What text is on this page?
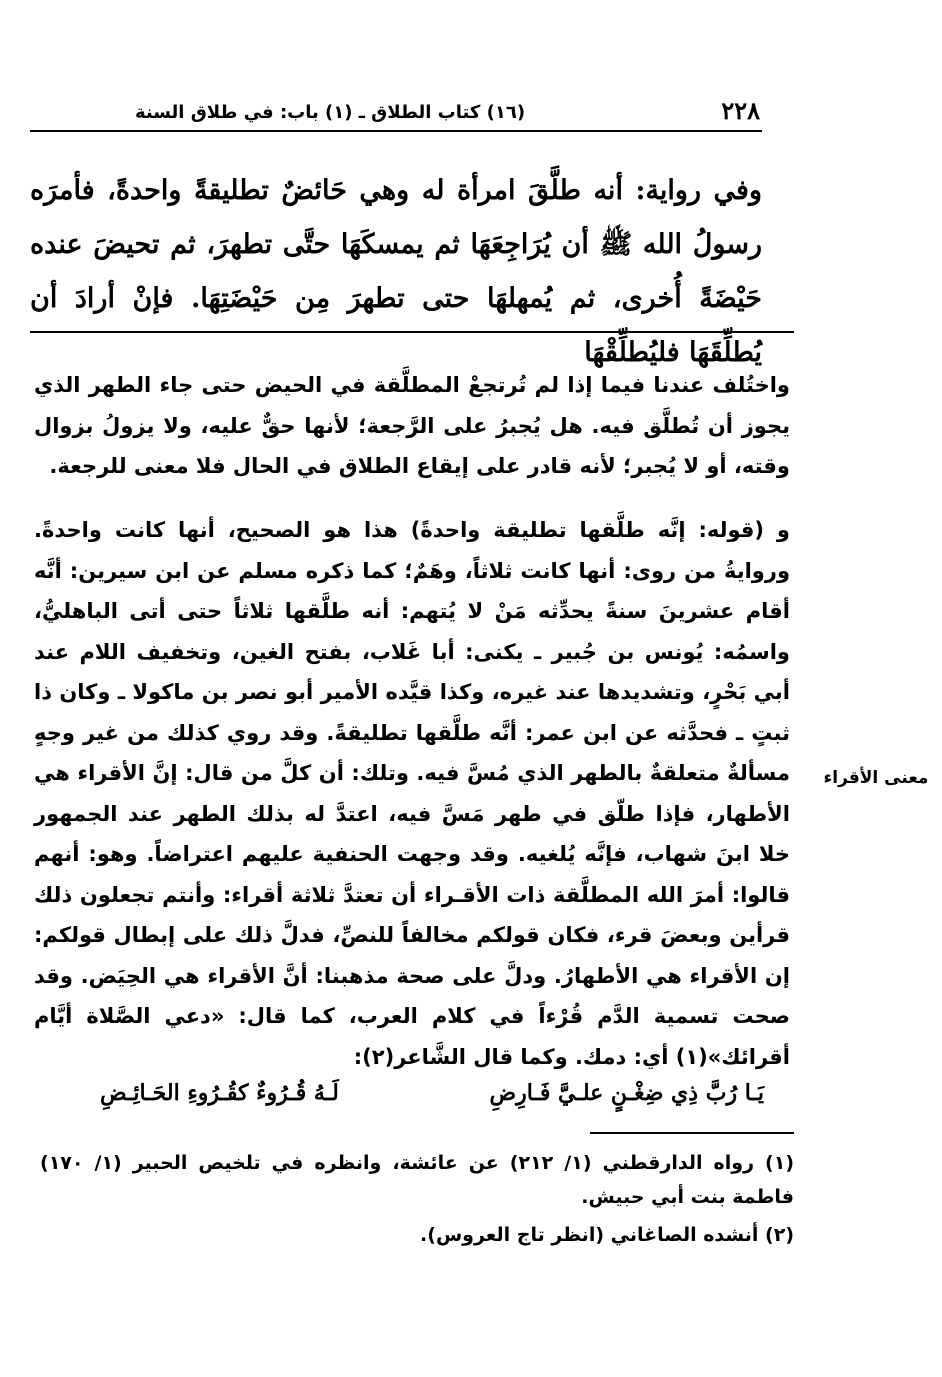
٢٢٨
(١٦) كتاب الطلاق ـ (١) باب: في طلاق السنة

وفي رواية: أنه طلَّقَ امرأة له وهي حَائضٌ تطليقةً واحدةً، فأمرَه رسولُ الله ﷺ أن يُرَاجِعَهَا ثم يمسكَهَا حتَّى تطهرَ، ثم تحيضَ عنده حَيْضَةً أُخرى، ثم يُمهلهَا حتى تطهرَ مِن حَيْضَتِهَا. فإنْ أرادَ أن يُطلِّقَهَا فليُطلِّقْهَا

واختُلف عندنا فيما إذا لم تُرتجعْ المطلَّقة في الحيض حتى جاء الطهر الذي يجوز أن تُطلَّق فيه. هل يُجبرُ على الرَّجعة؛ لأنها حقٌّ عليه، ولا يزولُ بزوال وقته، أو لا يُجبر؛ لأنه قادر على إيقاع الطلاق في الحال فلا معنى للرجعة.

و (قوله: إنَّه طلَّقها تطليقة واحدةً) هذا هو الصحيح، أنها كانت واحدةً. وروايةُ من روى: أنها كانت ثلاثاً، وهَمٌ؛ كما ذكره مسلم عن ابن سيرين: أنَّه أقام عشرينَ سنةً يحدِّثه مَنْ لا يُتهم: أنه طلَّقها ثلاثاً حتى أتى الباهليُّ، واسمُه: يُونس بن جُبير ـ يكنى: أبا غَلاب، بفتح الغين، وتخفيف اللام عند أبي بَحْرٍ، وتشديدها عند غيره، وكذا قيَّده الأمير أبو نصر بن ماكولا ـ وكان ذا ثبتٍ ـ فحدَّثه عن ابن عمر: أنَّه طلَّقها تطليقةً. وقد روي كذلك من غير وجهٍ مسألةٌ متعلقةٌ بالطهر الذي مُسَّ فيه. وتلك: أن كلَّ من قال: إنَّ الأقراء هي الأطهار، فإذا طلّق في طهر مَسَّ فيه، اعتدَّ له بذلك الطهر عند الجمهور خلا ابنَ شهاب، فإنَّه يُلغيه. وقد وجهت الحنفية عليهم اعتراضاً. وهو: أنهم قالوا: أمرَ الله المطلَّقة ذات الأقـراء أن تعتدَّ ثلاثة أقراء: وأنتم تجعلون ذلك قرأين وبعضَ قرء، فكان قولكم مخالفاً للنصِّ، فدلَّ ذلك على إبطال قولكم: إن الأقراء هي الأطهارُ. ودلَّ على صحة مذهبنا: أنَّ الأقراء هي الحِيَض. وقد صحت تسمية الدَّم قُرْءاً في كلام العرب، كما قال: «دعي الصَّلاة أيَّام أقرائك»(١) أي: دمك. وكما قال الشَّاعر(٢):

معنى الأقراء
يَـا رُبَّ ذِي ضِغْـنٍ علـيَّ فَـارِضِ
لَـهُ قُـرُوءٌ كقُـرُوءِ الحَـائِـضِ

(١) رواه الدارقطني (١/ ٢١٢) عن عائشة، وانظره في تلخيص الحبير (١/ ١٧٠) فاطمة بنت أبي حبيش.

(٢) أنشده الصاغاني (انظر تاج العروس).
